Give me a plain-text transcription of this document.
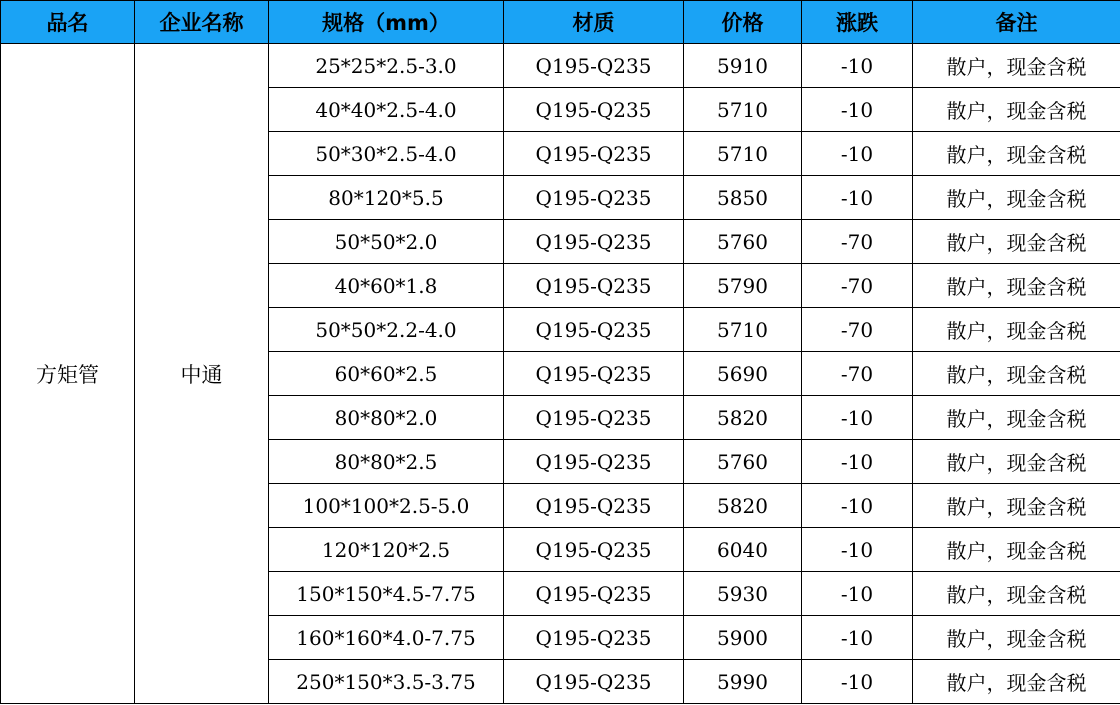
品名	企业名称	规格（mm）	材质	价格	涨跌	备注
方矩管	中通	25*25*2.5-3.0	Q195-Q235	5910	-10	散户，现金含税
		40*40*2.5-4.0	Q195-Q235	5710	-10	散户，现金含税
		50*30*2.5-4.0	Q195-Q235	5710	-10	散户，现金含税
		80*120*5.5	Q195-Q235	5850	-10	散户，现金含税
		50*50*2.0	Q195-Q235	5760	-70	散户，现金含税
		40*60*1.8	Q195-Q235	5790	-70	散户，现金含税
		50*50*2.2-4.0	Q195-Q235	5710	-70	散户，现金含税
		60*60*2.5	Q195-Q235	5690	-70	散户，现金含税
		80*80*2.0	Q195-Q235	5820	-10	散户，现金含税
		80*80*2.5	Q195-Q235	5760	-10	散户，现金含税
		100*100*2.5-5.0	Q195-Q235	5820	-10	散户，现金含税
		120*120*2.5	Q195-Q235	6040	-10	散户，现金含税
		150*150*4.5-7.75	Q195-Q235	5930	-10	散户，现金含税
		160*160*4.0-7.75	Q195-Q235	5900	-10	散户，现金含税
		250*150*3.5-3.75	Q195-Q235	5990	-10	散户，现金含税
